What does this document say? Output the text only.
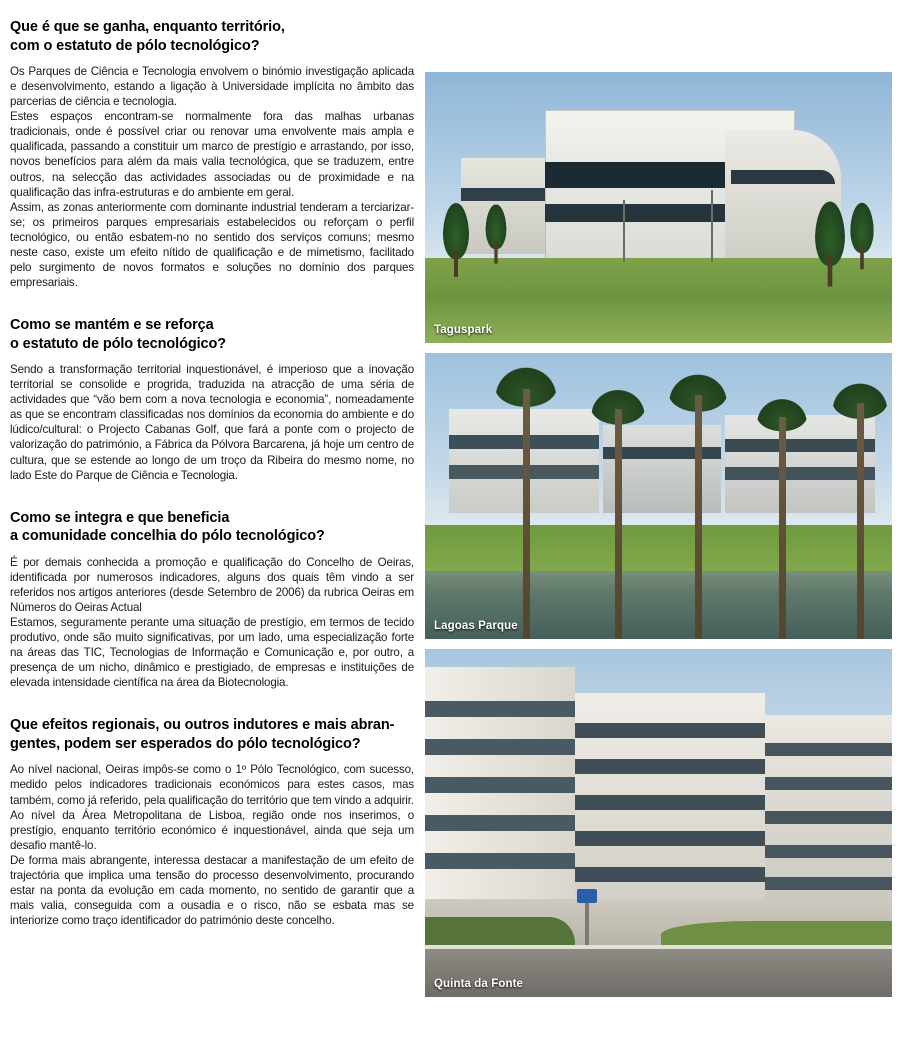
Que é que se ganha, enquanto território,
com o estatuto de pólo tecnológico?

Os Parques de Ciência e Tecnologia envolvem o binómio investigação aplicada e desenvolvimento, estando a ligação à Universidade implícita no âmbito das parcerias de ciência e tecnologia.

Estes espaços encontram-se normalmente fora das malhas urbanas tradicionais, onde é possível criar ou renovar uma envolvente mais ampla e qualificada, passando a constituir um marco de prestígio e arrastando, por isso, novos benefícios para além da mais valia tecnológica, que se traduzem, entre outros, na selecção das actividades associadas ou de proximidade e na qualificação das infra-estruturas e do ambiente em geral.

Assim, as zonas anteriormente com dominante industrial tenderam a terciarizar-se; os primeiros parques empresariais estabelecidos ou reforçam o perfil tecnológico, ou então esbatem-no no sentido dos serviços comuns; mesmo neste caso, existe um efeito nítido de qualificação e de mimetismo, facilitado pelo surgimento de novos formatos e soluções no domínio dos parques empresariais.

Como se mantém e se reforça
o estatuto de pólo tecnológico?

Sendo a transformação territorial inquestionável, é imperioso que a inovação territorial se consolide e progrida, traduzida na atracção de uma séria de actividades que “vão bem com a nova tecnologia e economia”, nomeadamente as que se encontram classificadas nos domínios da economia do ambiente e do lúdico/cultural: o Projecto Cabanas Golf, que fará a ponte com o projecto de valorização do património, a Fábrica da Pólvora Barcarena, já hoje um centro de cultura, que se estende ao longo de um troço da Ribeira do mesmo nome, no lado Este do Parque de Ciência e Tecnologia.

Como se integra e que beneficia
a comunidade concelhia do pólo tecnológico?

É por demais conhecida a promoção e qualificação do Concelho de Oeiras, identificada por numerosos indicadores, alguns dos quais têm vindo a ser referidos nos artigos anteriores (desde Setembro de 2006) da rubrica Oeiras em Números do Oeiras Actual

Estamos, seguramente perante uma situação de prestígio, em termos de tecido produtivo, onde são muito significativas, por um lado, uma especialização forte na áreas das TIC, Tecnologias de Informação e Comunicação e, por outro, a presença de um nicho, dinâmico e prestigiado, de empresas e instituições de elevada intensidade científica na área da Biotecnologia.

Que efeitos regionais, ou outros indutores e mais abran-
gentes, podem ser esperados do pólo tecnológico?

Ao nível nacional, Oeiras impôs-se como o 1º Pólo Tecnológico, com sucesso, medido pelos indicadores tradicionais económicos para estes casos, mas também, como já referido, pela qualificação do território que tem vindo a adquirir.

Ao nível da Área Metropolitana de Lisboa, região onde nos inserimos, o prestígio, enquanto território económico é inquestionável, ainda que seja um desafio mantê-lo.

De forma mais abrangente, interessa destacar a manifestação de um efeito de trajectória que implica uma tensão do processo desenvolvimento, procurando estar na ponta da evolução em cada momento, no sentido de garantir que a mais valia, conseguida com a ousadia e o risco, não se esbata mas se interiorize como traço identificador do património deste concelho.

Taguspark
Lagoas Parque
Quinta da Fonte
